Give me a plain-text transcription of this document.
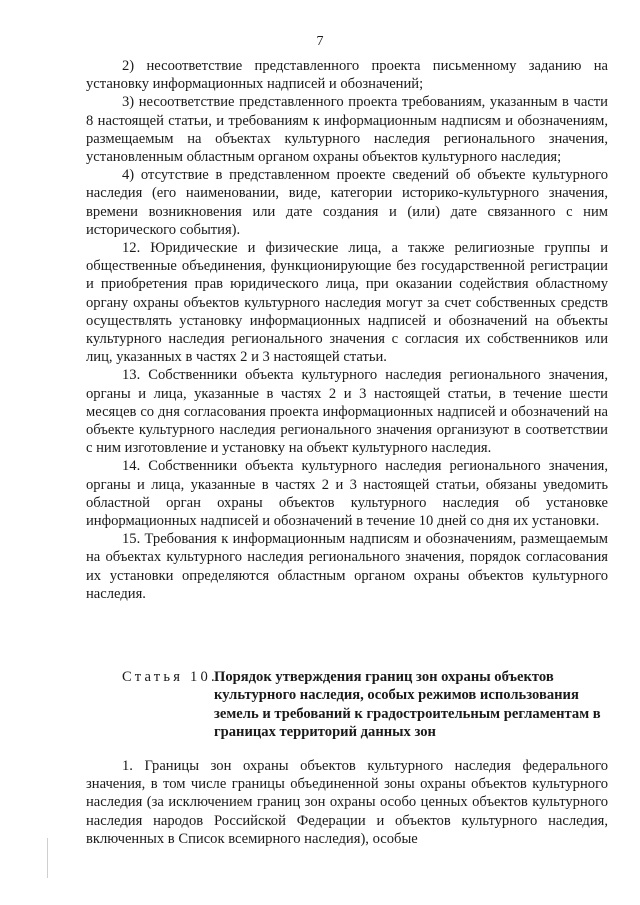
7

2) несоответствие представленного проекта письменному заданию на установку информационных надписей и обозначений;

3) несоответствие представленного проекта требованиям, указанным в части 8 настоящей статьи, и требованиям к информационным надписям и обозначениям, размещаемым на объектах культурного наследия регионального значения, установленным областным органом охраны объектов культурного наследия;

4) отсутствие в представленном проекте сведений об объекте культурного наследия (его наименовании, виде, категории историко-культурного значения, времени возникновения или дате создания и (или) дате связанного с ним исторического события).

12. Юридические и физические лица, а также религиозные группы и общественные объединения, функционирующие без государственной регистрации и приобретения прав юридического лица, при оказании содействия областному органу охраны объектов культурного наследия могут за счет собственных средств осуществлять установку информационных надписей и обозначений на объекты культурного наследия регионального значения с согласия их собственников или лиц, указанных в частях 2 и 3 настоящей статьи.

13. Собственники объекта культурного наследия регионального значения, органы и лица, указанные в частях 2 и 3 настоящей статьи, в течение шести месяцев со дня согласования проекта информационных надписей и обозначений на объекте культурного наследия регионального значения организуют в соответствии с ним изготовление и установку на объект культурного наследия.

14. Собственники объекта культурного наследия регионального значения, органы и лица, указанные в частях 2 и 3 настоящей статьи, обязаны уведомить областной орган охраны объектов культурного наследия об установке информационных надписей и обозначений в течение 10 дней со дня их установки.

15. Требования к информационным надписям и обозначениям, размещаемым на объектах культурного наследия регионального значения, порядок согласования их установки определяются областным органом охраны объектов культурного наследия.

Статья 10.
Порядок утверждения границ зон охраны объектов культурного наследия, особых режимов использования земель и требований к градостроительным регламентам в границах территорий данных зон

1. Границы зон охраны объектов культурного наследия федерального значения, в том числе границы объединенной зоны охраны объектов культурного наследия (за исключением границ зон охраны особо ценных объектов культурного наследия народов Российской Федерации и объектов культурного наследия, включенных в Список всемирного наследия), особые
